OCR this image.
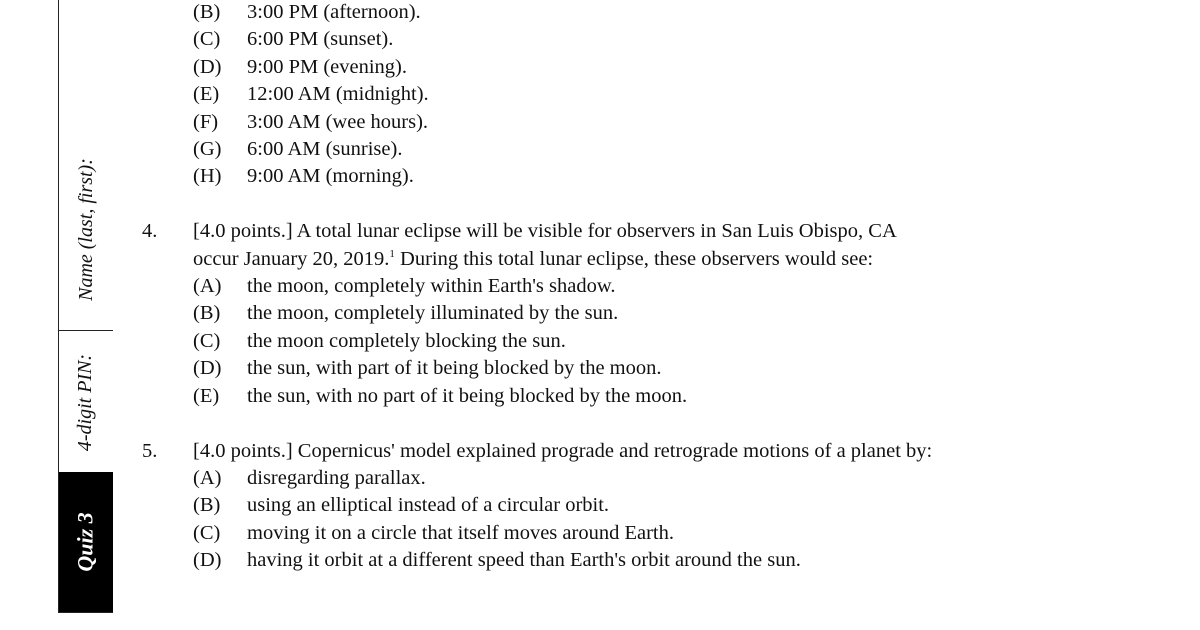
Name (last, first):
4-digit PIN:
Quiz 3
(B) 3:00 PM (afternoon).
(C) 6:00 PM (sunset).
(D) 9:00 PM (evening).
(E) 12:00 AM (midnight).
(F) 3:00 AM (wee hours).
(G) 6:00 AM (sunrise).
(H) 9:00 AM (morning).
4. [4.0 points.] A total lunar eclipse will be visible for observers in San Luis Obispo, CA
occur January 20, 2019.$^1$ During this total lunar eclipse, these observers would see:
(A) the moon, completely within Earth's shadow.
(B) the moon, completely illuminated by the sun.
(C) the moon completely blocking the sun.
(D) the sun, with part of it being blocked by the moon.
(E) the sun, with no part of it being blocked by the moon.
5. [4.0 points.] Copernicus' model explained prograde and retrograde motions of a planet by:
(A) disregarding parallax.
(B) using an elliptical instead of a circular orbit.
(C) moving it on a circle that itself moves around Earth.
(D) having it orbit at a different speed than Earth's orbit around the sun.
